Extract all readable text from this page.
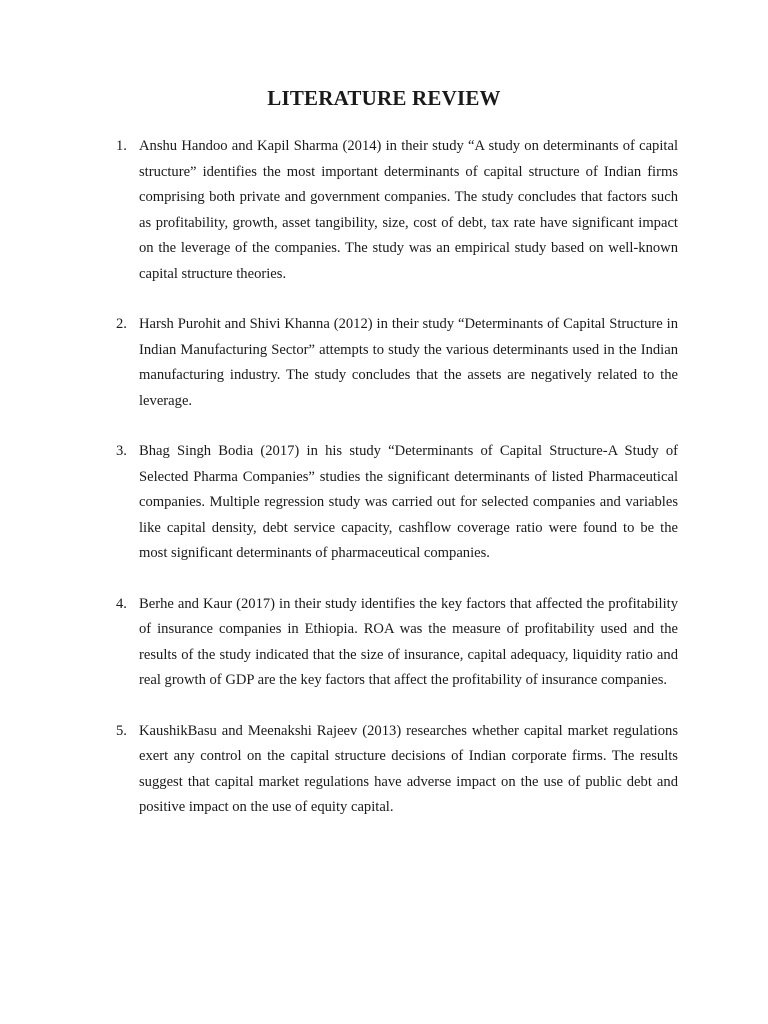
LITERATURE REVIEW
1. Anshu Handoo and Kapil Sharma (2014) in their study “A study on determinants of capital structure” identifies the most important determinants of capital structure of Indian firms comprising both private and government companies. The study concludes that factors such as profitability, growth, asset tangibility, size, cost of debt, tax rate have significant impact on the leverage of the companies. The study was an empirical study based on well-known capital structure theories.
2. Harsh Purohit and Shivi Khanna (2012) in their study “Determinants of Capital Structure in Indian Manufacturing Sector” attempts to study the various determinants used in the Indian manufacturing industry. The study concludes that the assets are negatively related to the leverage.
3. Bhag Singh Bodia (2017) in his study “Determinants of Capital Structure-A Study of Selected Pharma Companies” studies the significant determinants of listed Pharmaceutical companies. Multiple regression study was carried out for selected companies and variables like capital density, debt service capacity, cashflow coverage ratio were found to be the most significant determinants of pharmaceutical companies.
4. Berhe and Kaur (2017) in their study identifies the key factors that affected the profitability of insurance companies in Ethiopia. ROA was the measure of profitability used and the results of the study indicated that the size of insurance, capital adequacy, liquidity ratio and real growth of GDP are the key factors that affect the profitability of insurance companies.
5. KaushikBasu and Meenakshi Rajeev (2013) researches whether capital market regulations exert any control on the capital structure decisions of Indian corporate firms. The results suggest that capital market regulations have adverse impact on the use of public debt and positive impact on the use of equity capital.
